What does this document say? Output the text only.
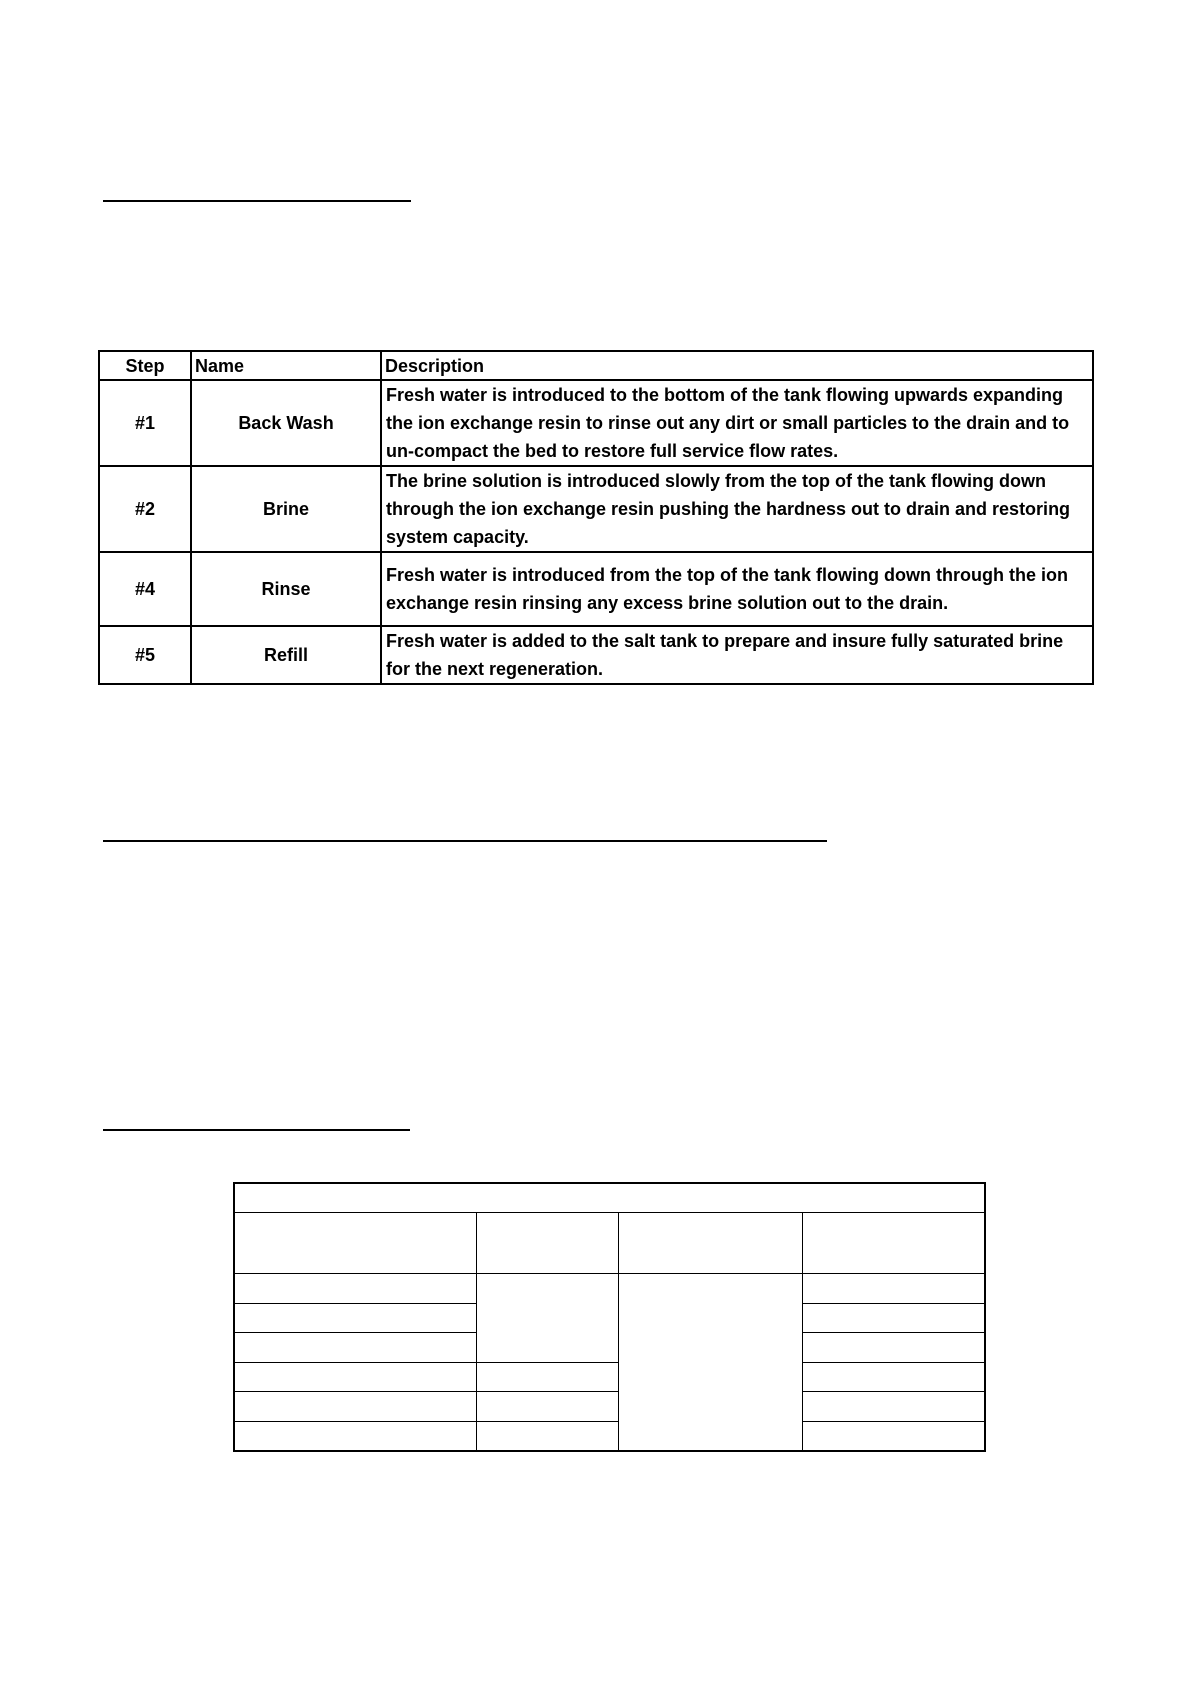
Step	Name	Description
#1	Back Wash	Fresh water is introduced to the bottom of the tank flowing upwards expanding the ion exchange resin to rinse out any dirt or small particles to the drain and to un-compact the bed to restore full service flow rates.
#2	Brine	The brine solution is introduced slowly from the top of the tank flowing down through the ion exchange resin pushing the hardness out to drain and restoring system capacity.
#4	Rinse	Fresh water is introduced from the top of the tank flowing down through the ion exchange resin rinsing any excess brine solution out to the drain.
#5	Refill	Fresh water is added to the salt tank to prepare and insure fully saturated brine for the next regeneration.
